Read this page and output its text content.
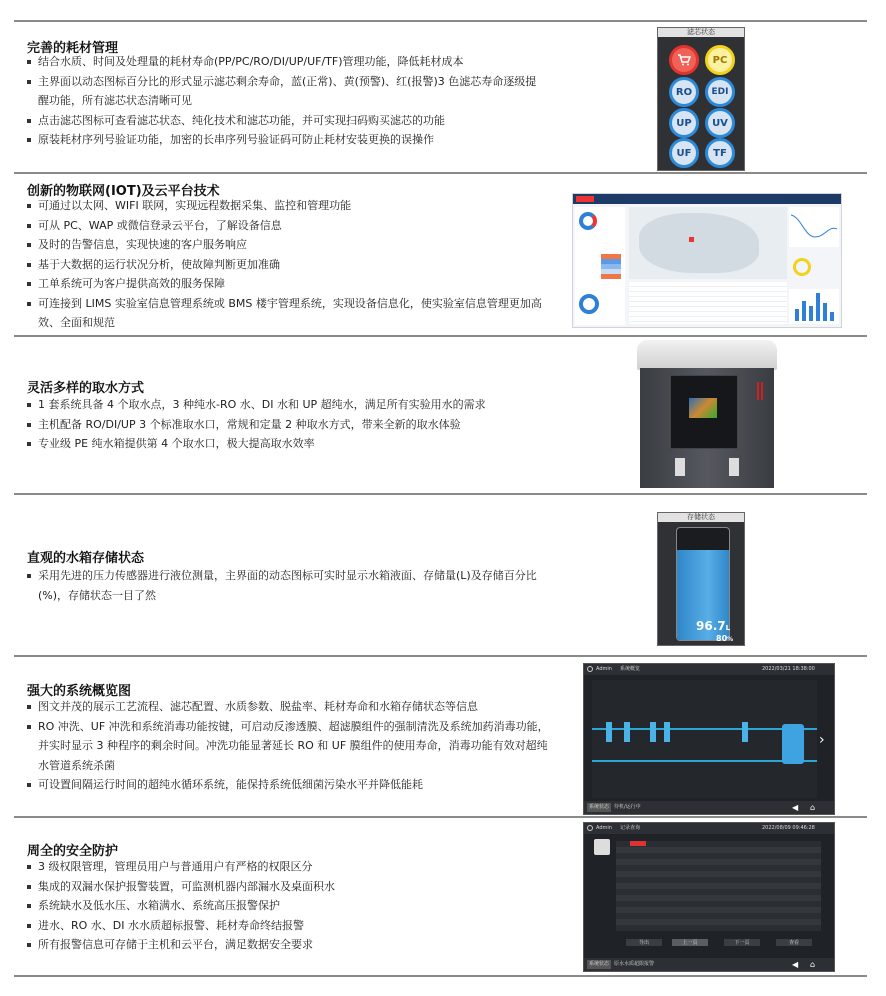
完善的耗材管理
结合水质、时间及处理量的耗材寿命(PP/PC/RO/DI/UP/UF/TF)管理功能，降低耗材成本
主界面以动态图标百分比的形式显示滤芯剩余寿命，蓝(正常)、黄(预警)、红(报警)3 色滤芯寿命逐级提醒功能，所有滤芯状态清晰可见
点击滤芯图标可查看滤芯状态、纯化技术和滤芯功能，并可实现扫码购买滤芯的功能
原装耗材序列号验证功能，加密的长串序列号验证码可防止耗材安装更换的误操作
滤芯状态
PC
RO	EDI
UP	UV
UF	TF
创新的物联网(IOT)及云平台技术
可通过以太网、WIFI 联网，实现远程数据采集、监控和管理功能
可从 PC、WAP 或微信登录云平台，了解设备信息
及时的告警信息，实现快速的客户服务响应
基于大数据的运行状况分析，使故障判断更加准确
工单系统可为客户提供高效的服务保障
可连接到 LIMS 实验室信息管理系统或 BMS 楼宇管理系统，实现设备信息化，使实验室信息管理更加高效、全面和规范
灵活多样的取水方式
1 套系统具备 4 个取水点，3 种纯水-RO 水、DI 水和 UP 超纯水，满足所有实验用水的需求
主机配备 RO/DI/UP 3 个标准取水口，常规和定量 2 种取水方式，带来全新的取水体验
专业级 PE 纯水箱提供第 4 个取水口，极大提高取水效率
直观的水箱存储状态
采用先进的压力传感器进行液位测量，主界面的动态图标可实时显示水箱液面、存储量(L)及存储百分比(%)，存储状态一目了然
存储状态
96.7L
80%
强大的系统概览图
图文并茂的展示工艺流程、滤芯配置、水质参数、脱盐率、耗材寿命和水箱存储状态等信息
RO 冲洗、UF 冲洗和系统消毒功能按键，可启动反渗透膜、超滤膜组件的强制清洗及系统加药消毒功能，并实时显示 3 种程序的剩余时间。冲洗功能显著延长 RO 和 UF 膜组件的使用寿命，消毒功能有效对超纯水管道系统杀菌
可设置间隔运行时间的超纯水循环系统，能保持系统低细菌污染水平并降低能耗
Admin 系统概览	2022/03/21 18:38:00
›
系统状态 待机/运行中	◀ ⌂
周全的安全防护
3 级权限管理，管理员用户与普通用户有严格的权限区分
集成的双漏水保护报警装置，可监测机器内部漏水及桌面积水
系统缺水及低水压、水箱满水、系统高压报警保护
进水、RO 水、DI 水水质超标报警、耗材寿命终结报警
所有报警信息可存储于主机和云平台，满足数据安全要求
Admin 记录查询	2022/08/09 09:46:28
导出	上一页	下一页	查看
系统状态 原水水质超限报警	◀ ⌂
